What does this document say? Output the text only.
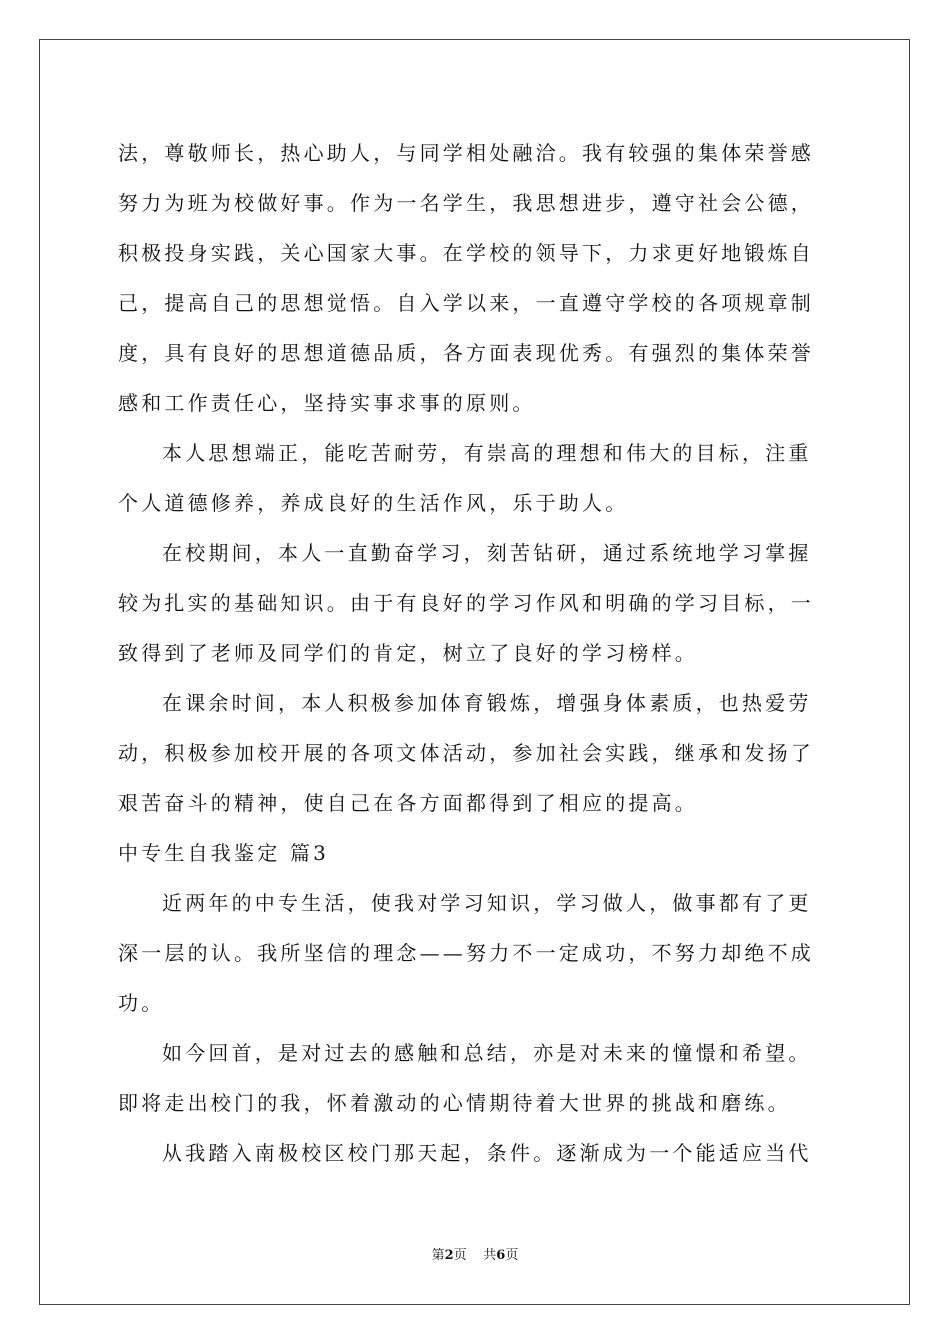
法，尊敬师长，热心助人，与同学相处融洽。我有较强的集体荣誉感
努力为班为校做好事。作为一名学生，我思想进步，遵守社会公德，
积极投身实践，关心国家大事。在学校的领导下，力求更好地锻炼自
己，提高自己的思想觉悟。自入学以来，一直遵守学校的各项规章制
度，具有良好的思想道德品质，各方面表现优秀。有强烈的集体荣誉
感和工作责任心，坚持实事求事的原则。
本人思想端正，能吃苦耐劳，有崇高的理想和伟大的目标，注重
个人道德修养，养成良好的生活作风，乐于助人。
在校期间，本人一直勤奋学习，刻苦钻研，通过系统地学习掌握
较为扎实的基础知识。由于有良好的学习作风和明确的学习目标，一
致得到了老师及同学们的肯定，树立了良好的学习榜样。
在课余时间，本人积极参加体育锻炼，增强身体素质，也热爱劳
动，积极参加校开展的各项文体活动，参加社会实践，继承和发扬了
艰苦奋斗的精神，使自己在各方面都得到了相应的提高。
中专生自我鉴定 篇3
近两年的中专生活，使我对学习知识，学习做人，做事都有了更
深一层的认。我所坚信的理念——努力不一定成功，不努力却绝不成
功。
如今回首，是对过去的感触和总结，亦是对未来的憧憬和希望。
即将走出校门的我，怀着激动的心情期待着大世界的挑战和磨练。
从我踏入南极校区校门那天起，条件。逐渐成为一个能适应当代
第2页 共6页
